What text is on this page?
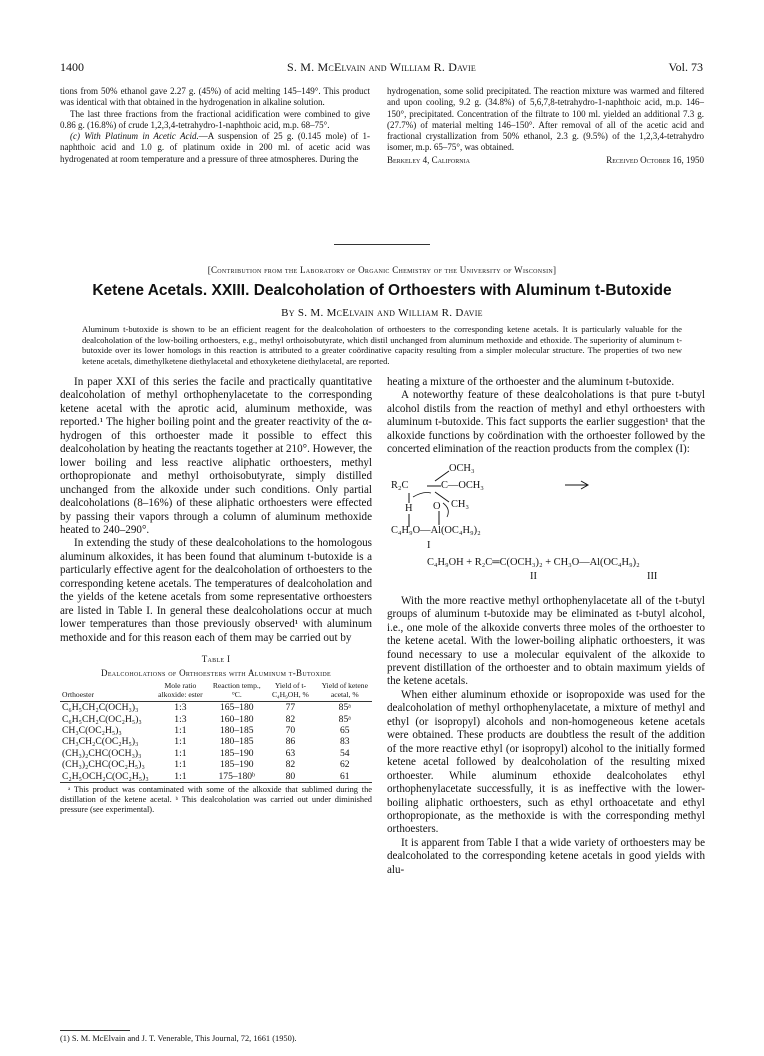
1400	S. M. McElvain and William R. Davie	Vol. 73

tions from 50% ethanol gave 2.27 g. (45%) of acid melting 145–149°. This product was identical with that obtained in the hydrogenation in alkaline solution.

The last three fractions from the fractional acidification were combined to give 0.86 g. (16.8%) of crude 1,2,3,4-tetrahydro-1-naphthoic acid, m.p. 68–75°.

(c) With Platinum in Acetic Acid.—A suspension of 25 g. (0.145 mole) of 1-naphthoic acid and 1.0 g. of platinum oxide in 200 ml. of acetic acid was hydrogenated at room temperature and a pressure of three atmospheres. During the

hydrogenation, some solid precipitated. The reaction mixture was warmed and filtered and upon cooling, 9.2 g. (34.8%) of 5,6,7,8-tetrahydro-1-naphthoic acid, m.p. 146–150°, precipitated. Concentration of the filtrate to 100 ml. yielded an additional 7.3 g. (27.7%) of material melting 146–150°. After removal of all of the acetic acid and fractional crystallization from 50% ethanol, 2.3 g. (9.5%) of the 1,2,3,4-tetrahydro isomer, m.p. 65–75°, was obtained.

Berkeley 4, California	Received October 16, 1950
[Contribution from the Laboratory of Organic Chemistry of the University of Wisconsin]
Ketene Acetals. XXIII. Dealcoholation of Orthoesters with Aluminum t-Butoxide
By S. M. McElvain and William R. Davie

Aluminum t-butoxide is shown to be an efficient reagent for the dealcoholation of orthoesters to the corresponding ketene acetals. It is particularly valuable for the dealcoholation of the low-boiling orthoesters, e.g., methyl orthoisobutyrate, which distil unchanged from aluminum methoxide and ethoxide. The superiority of aluminum t-butoxide over its lower homologs in this reaction is attributed to a greater coördinative capacity resulting from a simpler molecular structure. The properties of two new ketene acetals, dimethylketene diethylacetal and ethoxyketene diethylacetal, are reported.

In paper XXI of this series the facile and practically quantitative dealcoholation of methyl orthophenylacetate to the corresponding ketene acetal with the aprotic acid, aluminum methoxide, was reported.¹ The higher boiling point and the greater reactivity of the α-hydrogen of this orthoester made it possible to effect this dealcoholation by heating the reactants together at 210°. However, the lower boiling and less reactive aliphatic orthoesters, methyl orthopropionate and methyl orthoisobutyrate, simply distilled unchanged from the alkoxide under such conditions. Only partial dealcoholations (8–16%) of these aliphatic orthoesters were effected by passing their vapors through a column of aluminum methoxide heated to 240–290°.

In extending the study of these dealcoholations to the homologous aluminum alkoxides, it has been found that aluminum t-butoxide is a particularly effective agent for the dealcoholation of orthoesters to the corresponding ketene acetals. The temperatures of dealcoholation and the yields of the ketene acetals from some representative orthoesters are listed in Table I. In general these dealcoholations occur at much lower temperatures than those previously observed¹ with aluminum methoxide and for this reason each of them may be carried out by

Table I
Dealcoholations of Orthoesters with Aluminum t-Butoxide
Orthoester	Mole ratio alkoxide: ester	Reaction temp., °C.	Yield of t-C₄H₉OH, %	Yield of ketene acetal, %
C₆H₅CH₂C(OCH₃)₃	1:3	165–180	77	85ᵃ
C₆H₅CH₂C(OC₂H₅)₃	1:3	160–180	82	85ᵃ
CH₃C(OC₂H₅)₃	1:1	180–185	70	65
CH₃CH₂C(OC₂H₅)₃	1:1	180–185	86	83
(CH₃)₂CHC(OCH₃)₃	1:1	185–190	63	54
(CH₃)₂CHC(OC₂H₅)₃	1:1	185–190	82	62
C₂H₅OCH₂C(OC₂H₅)₃	1:1	175–180ᵇ	80	61
ᵃ This product was contaminated with some of the alkoxide that sublimed during the distillation of the ketene acetal. ᵇ This dealcoholation was carried out under diminished pressure (see experimental).
(1) S. M. McElvain and J. T. Venerable, This Journal, 72, 1661 (1950).

heating a mixture of the orthoester and the aluminum t-butoxide.

A noteworthy feature of these dealcoholations is that pure t-butyl alcohol distils from the reaction of methyl and ethyl orthoesters with aluminum t-butoxide. This fact supports the earlier suggestion¹ that the alkoxide functions by coördination with the orthoester followed by the concerted elimination of the reaction products from the complex (I):

OCH₃
R₂C	C—OCH₃
CH₃
H O
C₄H₉O—Al(OC₄H₉)₂
I
C₄H₉OH + R₂C═C(OCH₃)₂ + CH₃O—Al(OC₄H₉)₂
II	III

With the more reactive methyl orthophenylacetate all of the t-butyl groups of aluminum t-butoxide may be eliminated as t-butyl alcohol, i.e., one mole of the alkoxide converts three moles of the orthoester to the ketene acetal. With the lower-boiling aliphatic orthoesters, it was found necessary to use a molecular equivalent of the alkoxide to prevent distillation of the orthoester and to obtain maximum yields of the ketene acetals.

When either aluminum ethoxide or isopropoxide was used for the dealcoholation of methyl orthophenylacetate, a mixture of methyl and ethyl (or isopropyl) alcohols and non-homogeneous ketene acetals were obtained. These products are doubtless the result of the addition of the more reactive ethyl (or isopropyl) alcohol to the initially formed ketene acetal followed by dealcoholation of the resulting mixed orthoester. While aluminum ethoxide dealcoholates ethyl orthophenylacetate successfully, it is as ineffective with the lower-boiling aliphatic orthoesters, such as ethyl orthoacetate and ethyl orthopropionate, as the methoxide is with the corresponding methyl orthoesters.

It is apparent from Table I that a wide variety of orthoesters may be dealcoholated to the corresponding ketene acetals in good yields with alu-
